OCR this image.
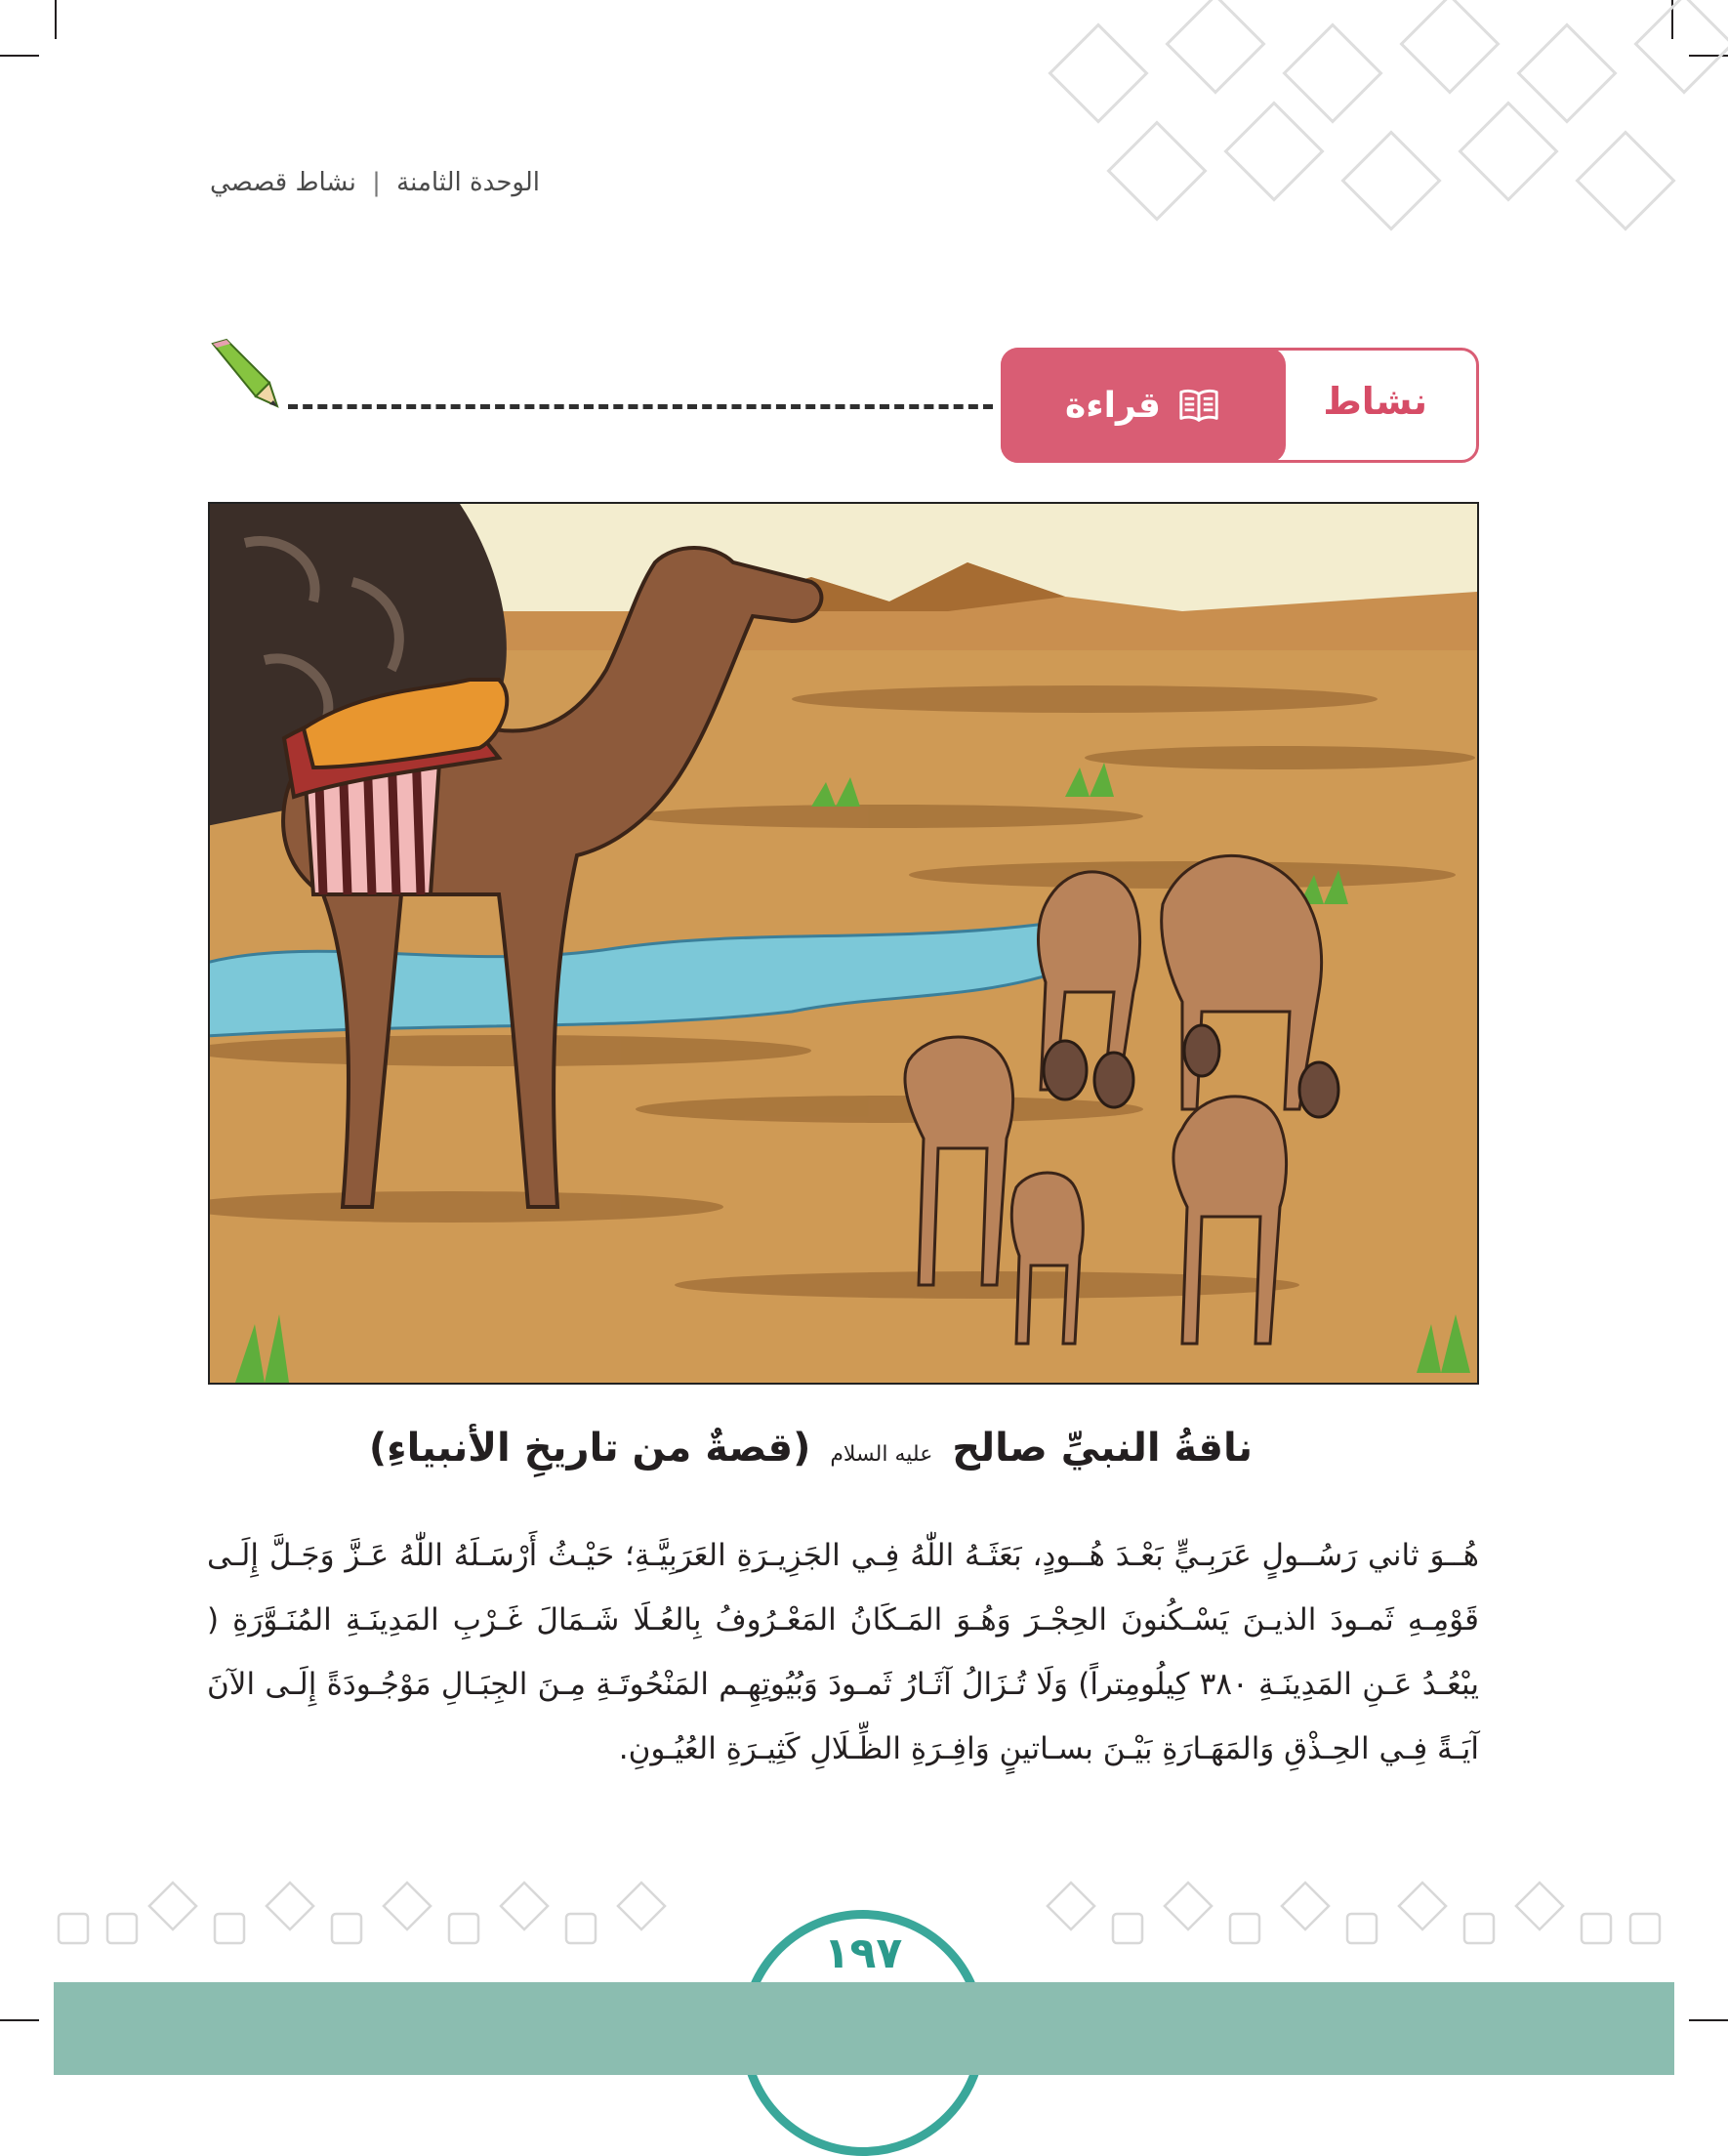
الوحدة الثامنة | نشاط قصصي
نشاط
قراءة
ناقةُ النبيِّ صالح عليه السلام (قصةٌ من تاريخِ الأنبياءِ)
هُــوَ ثاني رَسُــولٍ عَرَبِـيٍّ بَعْـدَ هُــودٍ، بَعَثَـهُ اللّٰهُ فِـي الجَزِيـرَةِ العَرَبِيَّـةِ؛ حَيْـثُ أَرْسَـلَهُ اللّٰهُ عَـزَّ وَجَـلَّ إِلَـى قَوْمِـهِ ثَمـودَ الذيـنَ يَسْـكُنونَ الحِجْـرَ وَهُـوَ المَـكَانُ المَعْـرُوفُ بِالعُـلَا شَـمَالَ غَـرْبِ المَدِينَـةِ المُنَـوَّرَةِ ( يبْعُـدُ عَـنِ المَدِينَـةِ ٣٨٠ كِيلُومِتراً) وَلَا تُـزَالُ آثَـارُ ثَمـودَ وَبُيُوتِهِـم المَنْحُوتَـةِ مِـنَ الجِبَـالِ مَوْجُـودَةً إِلَـى الآنَ آيَـةً فِـي الحِـذْقِ وَالمَهَـارَةِ بَيْـنَ بسـاتينٍ وَافِـرَةِ الظِّـلَالِ كَثِيـرَةِ العُيُـونِ.
١٩٧
